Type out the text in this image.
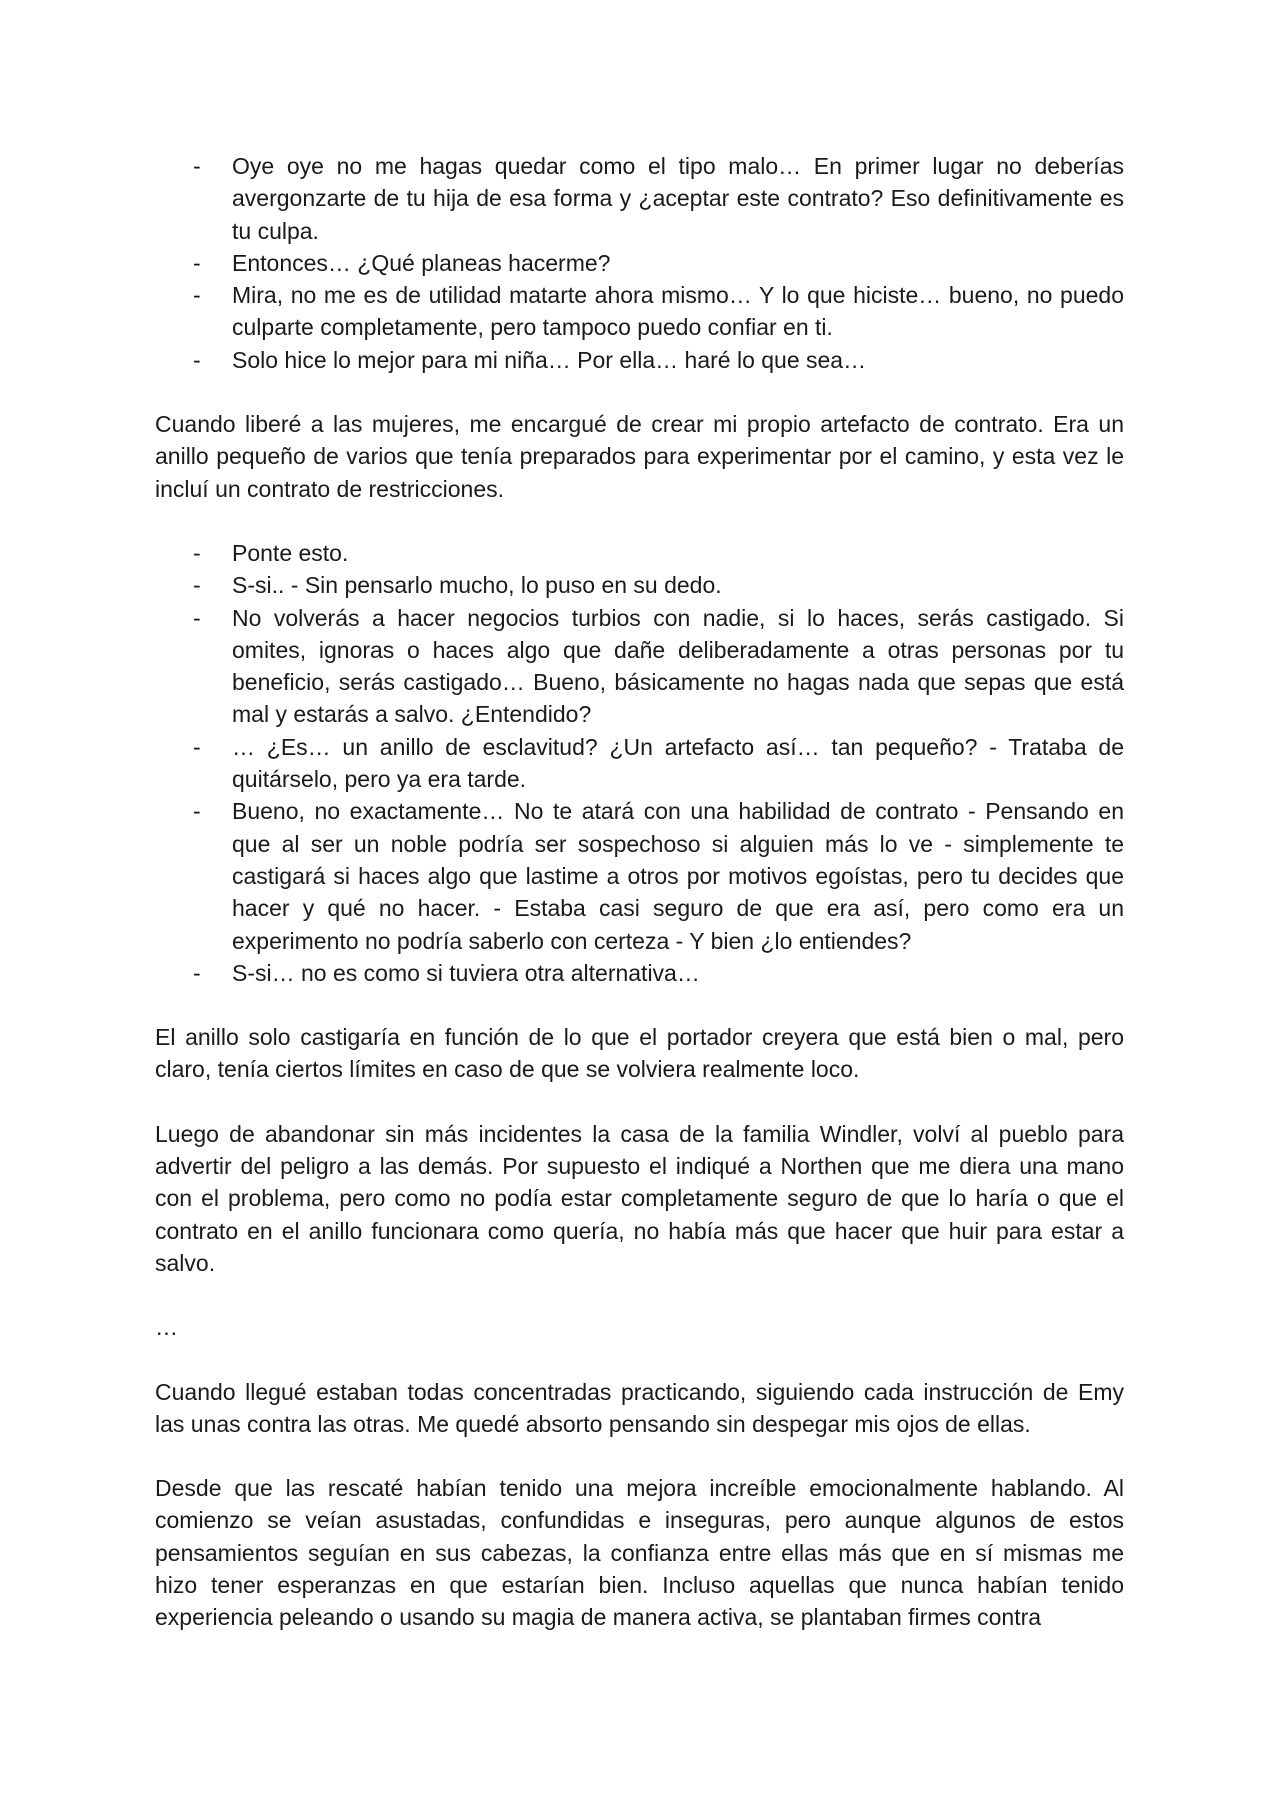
- Oye oye no me hagas quedar como el tipo malo… En primer lugar no deberías avergonzarte de tu hija de esa forma y ¿aceptar este contrato? Eso definitivamente es tu culpa.
- Entonces… ¿Qué planeas hacerme?
- Mira, no me es de utilidad matarte ahora mismo… Y lo que hiciste… bueno, no puedo culparte completamente, pero tampoco puedo confiar en ti.
- Solo hice lo mejor para mi niña… Por ella… haré lo que sea…

Cuando liberé a las mujeres, me encargué de crear mi propio artefacto de contrato. Era un anillo pequeño de varios que tenía preparados para experimentar por el camino, y esta vez le incluí un contrato de restricciones.

- Ponte esto.
- S-si.. - Sin pensarlo mucho, lo puso en su dedo.
- No volverás a hacer negocios turbios con nadie, si lo haces, serás castigado. Si omites, ignoras o haces algo que dañe deliberadamente a otras personas por tu beneficio, serás castigado… Bueno, básicamente no hagas nada que sepas que está mal y estarás a salvo. ¿Entendido?
- … ¿Es… un anillo de esclavitud? ¿Un artefacto así… tan pequeño? - Trataba de quitárselo, pero ya era tarde.
- Bueno, no exactamente… No te atará con una habilidad de contrato - Pensando en que al ser un noble podría ser sospechoso si alguien más lo ve - simplemente te castigará si haces algo que lastime a otros por motivos egoístas, pero tu decides que hacer y qué no hacer. - Estaba casi seguro de que era así, pero como era un experimento no podría saberlo con certeza - Y bien ¿lo entiendes?
- S-si… no es como si tuviera otra alternativa…

El anillo solo castigaría en función de lo que el portador creyera que está bien o mal, pero claro, tenía ciertos límites en caso de que se volviera realmente loco.

Luego de abandonar sin más incidentes la casa de la familia Windler, volví al pueblo para advertir del peligro a las demás. Por supuesto el indiqué a Northen que me diera una mano con el problema, pero como no podía estar completamente seguro de que lo haría o que el contrato en el anillo funcionara como quería, no había más que hacer que huir para estar a salvo.

…

Cuando llegué estaban todas concentradas practicando, siguiendo cada instrucción de Emy las unas contra las otras. Me quedé absorto pensando sin despegar mis ojos de ellas.

Desde que las rescaté habían tenido una mejora increíble emocionalmente hablando. Al comienzo se veían asustadas, confundidas e inseguras, pero aunque algunos de estos pensamientos seguían en sus cabezas, la confianza entre ellas más que en sí mismas me hizo tener esperanzas en que estarían bien. Incluso aquellas que nunca habían tenido experiencia peleando o usando su magia de manera activa, se plantaban firmes contra
